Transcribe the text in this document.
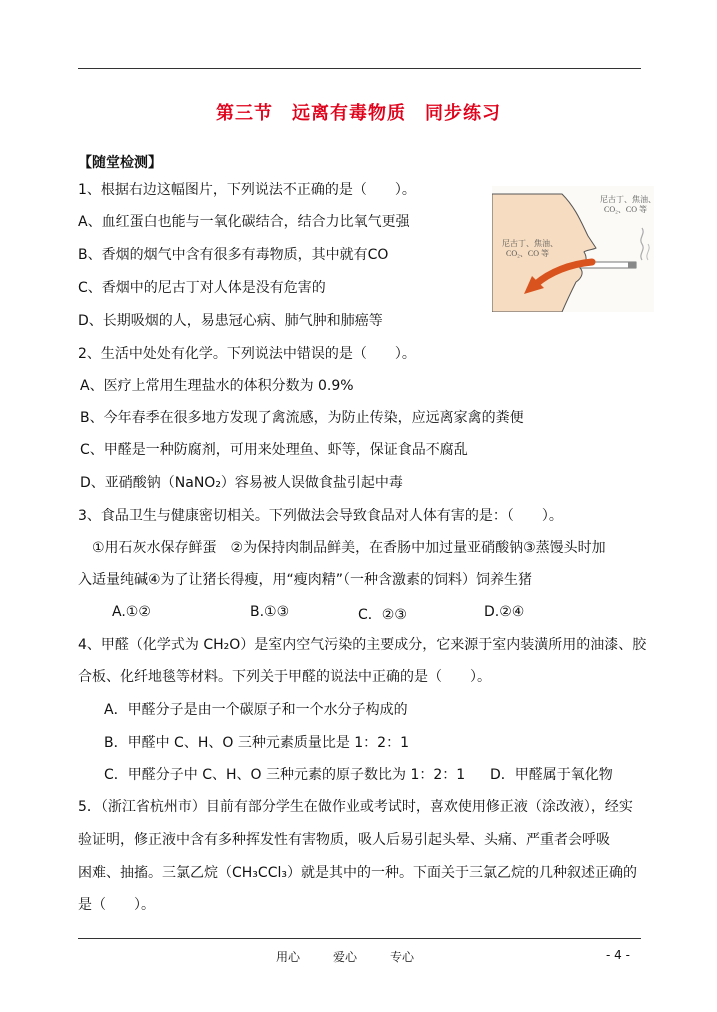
第三节　远离有毒物质　同步练习
【随堂检测】
尼古丁、焦油、
CO₂、CO 等
尼古丁、焦油、
CO₂、CO 等
1、根据右边这幅图片，下列说法不正确的是（　　）。
A、血红蛋白也能与一氧化碳结合，结合力比氧气更强
B、香烟的烟气中含有很多有毒物质，其中就有CO
C、香烟中的尼古丁对人体是没有危害的
D、长期吸烟的人，易患冠心病、肺气肿和肺癌等
2、生活中处处有化学。下列说法中错误的是（　　）。
A、医疗上常用生理盐水的体积分数为 0.9%
B、今年春季在很多地方发现了禽流感，为防止传染，应远离家禽的粪便
C、甲醛是一种防腐剂，可用来处理鱼、虾等，保证食品不腐乱
D、亚硝酸钠（NaNO₂）容易被人误做食盐引起中毒
3、食品卫生与健康密切相关。下列做法会导致食品对人体有害的是：（　　）。
　①用石灰水保存鲜蛋　②为保持肉制品鲜美，在香肠中加过量亚硝酸钠③蒸馒头时加
入适量纯碱④为了让猪长得瘦，用“瘦肉精”（一种含激素的饲料）饲养生猪
A.①②	B.①③	C．②③	D.②④
4、甲醛（化学式为 CH₂O）是室内空气污染的主要成分，它来源于室内装潢所用的油漆、胶
合板、化纤地毯等材料。下列关于甲醛的说法中正确的是（　　）。
A．甲醛分子是由一个碳原子和一个水分子构成的
B．甲醛中 C、H、O 三种元素质量比是 1：2：1
C．甲醛分子中 C、H、O 三种元素的原子数比为 1：2：1 D．甲醛属于氧化物
5．（浙江省杭州市）目前有部分学生在做作业或考试时，喜欢使用修正液（涂改液），经实
验证明，修正液中含有多种挥发性有害物质，吸人后易引起头晕、头痛、严重者会呼吸
困难、抽搐。三氯乙烷（CH₃CCl₃）就是其中的一种。下面关于三氯乙烷的几种叙述正确的
是（　　）。
用心	爱心	专心	- 4 -
